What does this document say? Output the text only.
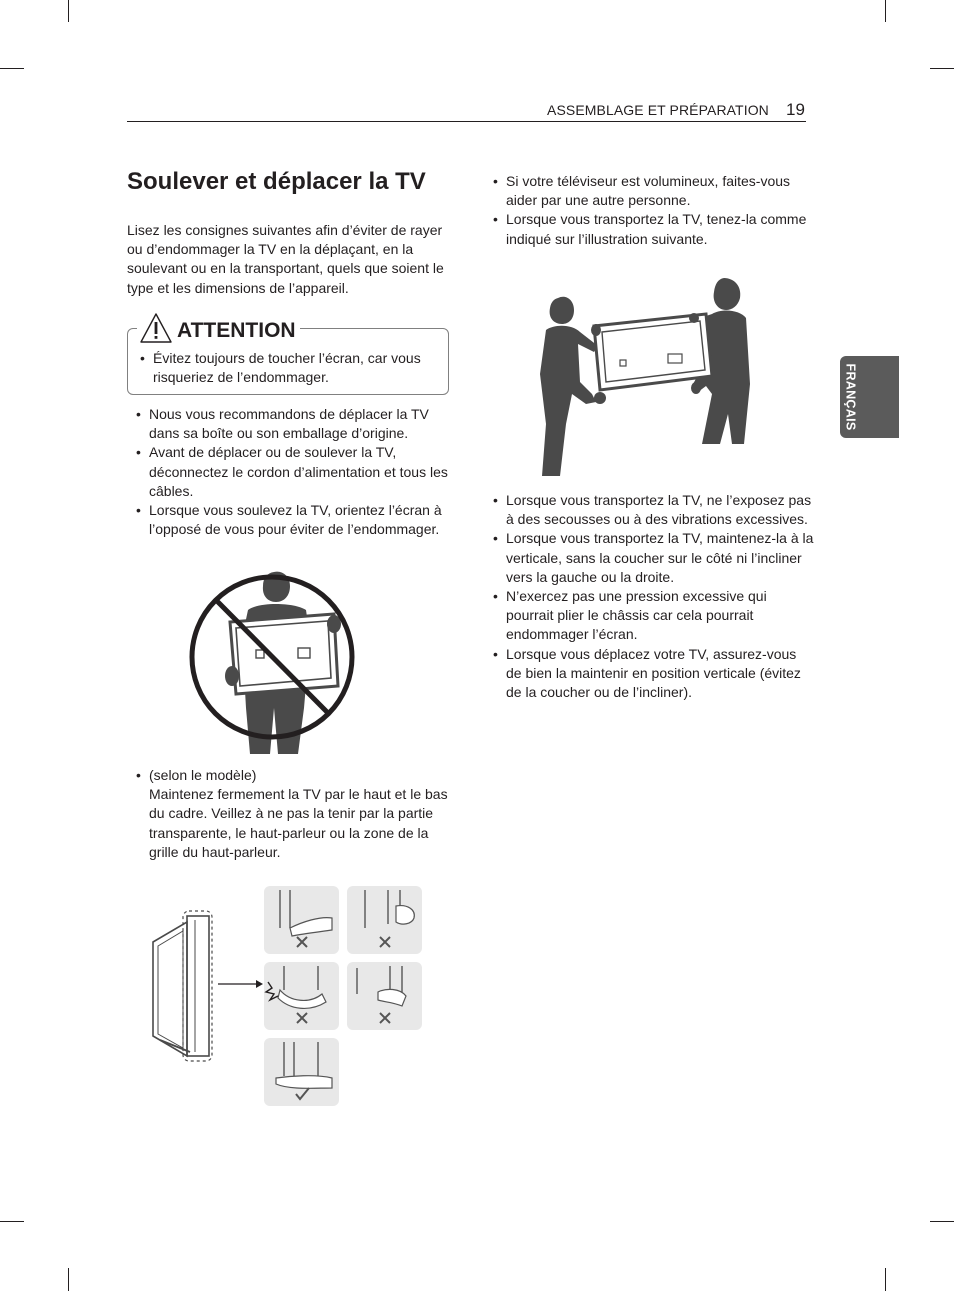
ASSEMBLAGE ET PRÉPARATION 19
FRANÇAIS
Soulever et déplacer la TV

Lisez les consignes suivantes afin d’éviter de rayer ou d’endommager la TV en la déplaçant, en la soulevant ou en la transportant, quels que soient le type et les dimensions de l’appareil.

ATTENTION
• Évitez toujours de toucher l’écran, car vous risqueriez de l’endommager.
• Nous vous recommandons de déplacer la TV dans sa boîte ou son emballage d’origine.
• Avant de déplacer ou de soulever la TV, déconnectez le cordon d’alimentation et tous les câbles.
• Lorsque vous soulevez la TV, orientez l’écran à l’opposé de vous pour éviter de l’endommager.
• (selon le modèle)
Maintenez fermement la TV par le haut et le bas du cadre. Veillez à ne pas la tenir par la partie transparente, le haut-parleur ou la zone de la grille du haut-parleur.
• Si votre téléviseur est volumineux, faites-vous aider par une autre personne.
• Lorsque vous transportez la TV, tenez-la comme indiqué sur l’illustration suivante.
• Lorsque vous transportez la TV, ne l’exposez pas à des secousses ou à des vibrations excessives.
• Lorsque vous transportez la TV, maintenez-la à la verticale, sans la coucher sur le côté ni l’incliner vers la gauche ou la droite.
• N’exercez pas une pression excessive qui pourrait plier le châssis car cela pourrait endommager l’écran.
• Lorsque vous déplacez votre TV, assurez-vous de bien la maintenir en position verticale (évitez de la coucher ou de l’incliner).
